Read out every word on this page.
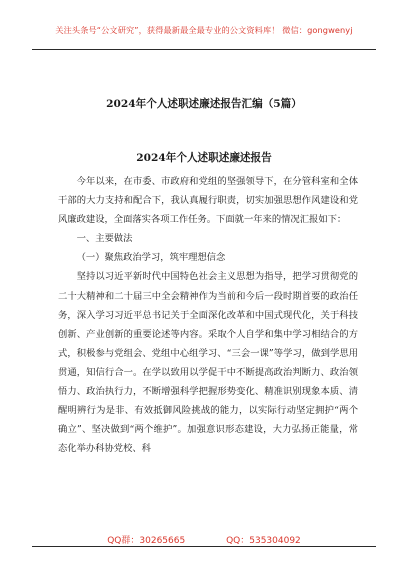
关注头条号“公文研究”，获得最新最全最专业的公文资料库！ 微信：gongwenyj
2024年个人述职述廉述报告汇编（5篇）
2024年个人述职述廉述报告

今年以来，在市委、市政府和党组的坚强领导下，在分管科室和全体干部的大力支持和配合下，我认真履行职责，切实加强思想作风建设和党风廉政建设，全面落实各项工作任务。下面就一年来的情况汇报如下：

一、主要做法

（一）聚焦政治学习，筑牢理想信念

坚持以习近平新时代中国特色社会主义思想为指导，把学习贯彻党的二十大精神和二十届三中全会精神作为当前和今后一段时期首要的政治任务，深入学习习近平总书记关于全面深化改革和中国式现代化，关于科技创新、产业创新的重要论述等内容。采取个人自学和集中学习相结合的方式，积极参与党组会、党组中心组学习、“三会一课”等学习，做到学思用贯通，知信行合一。在学以致用以学促干中不断提高政治判断力、政治领悟力、政治执行力，不断增强科学把握形势变化、精准识别现象本质、清醒明辨行为是非、有效抵御风险挑战的能力，以实际行动坚定拥护“两个确立”、坚决做到“两个维护”。加强意识形态建设，大力弘扬正能量，常态化举办科协党校、科

QQ群：30265665	QQ：535304092
